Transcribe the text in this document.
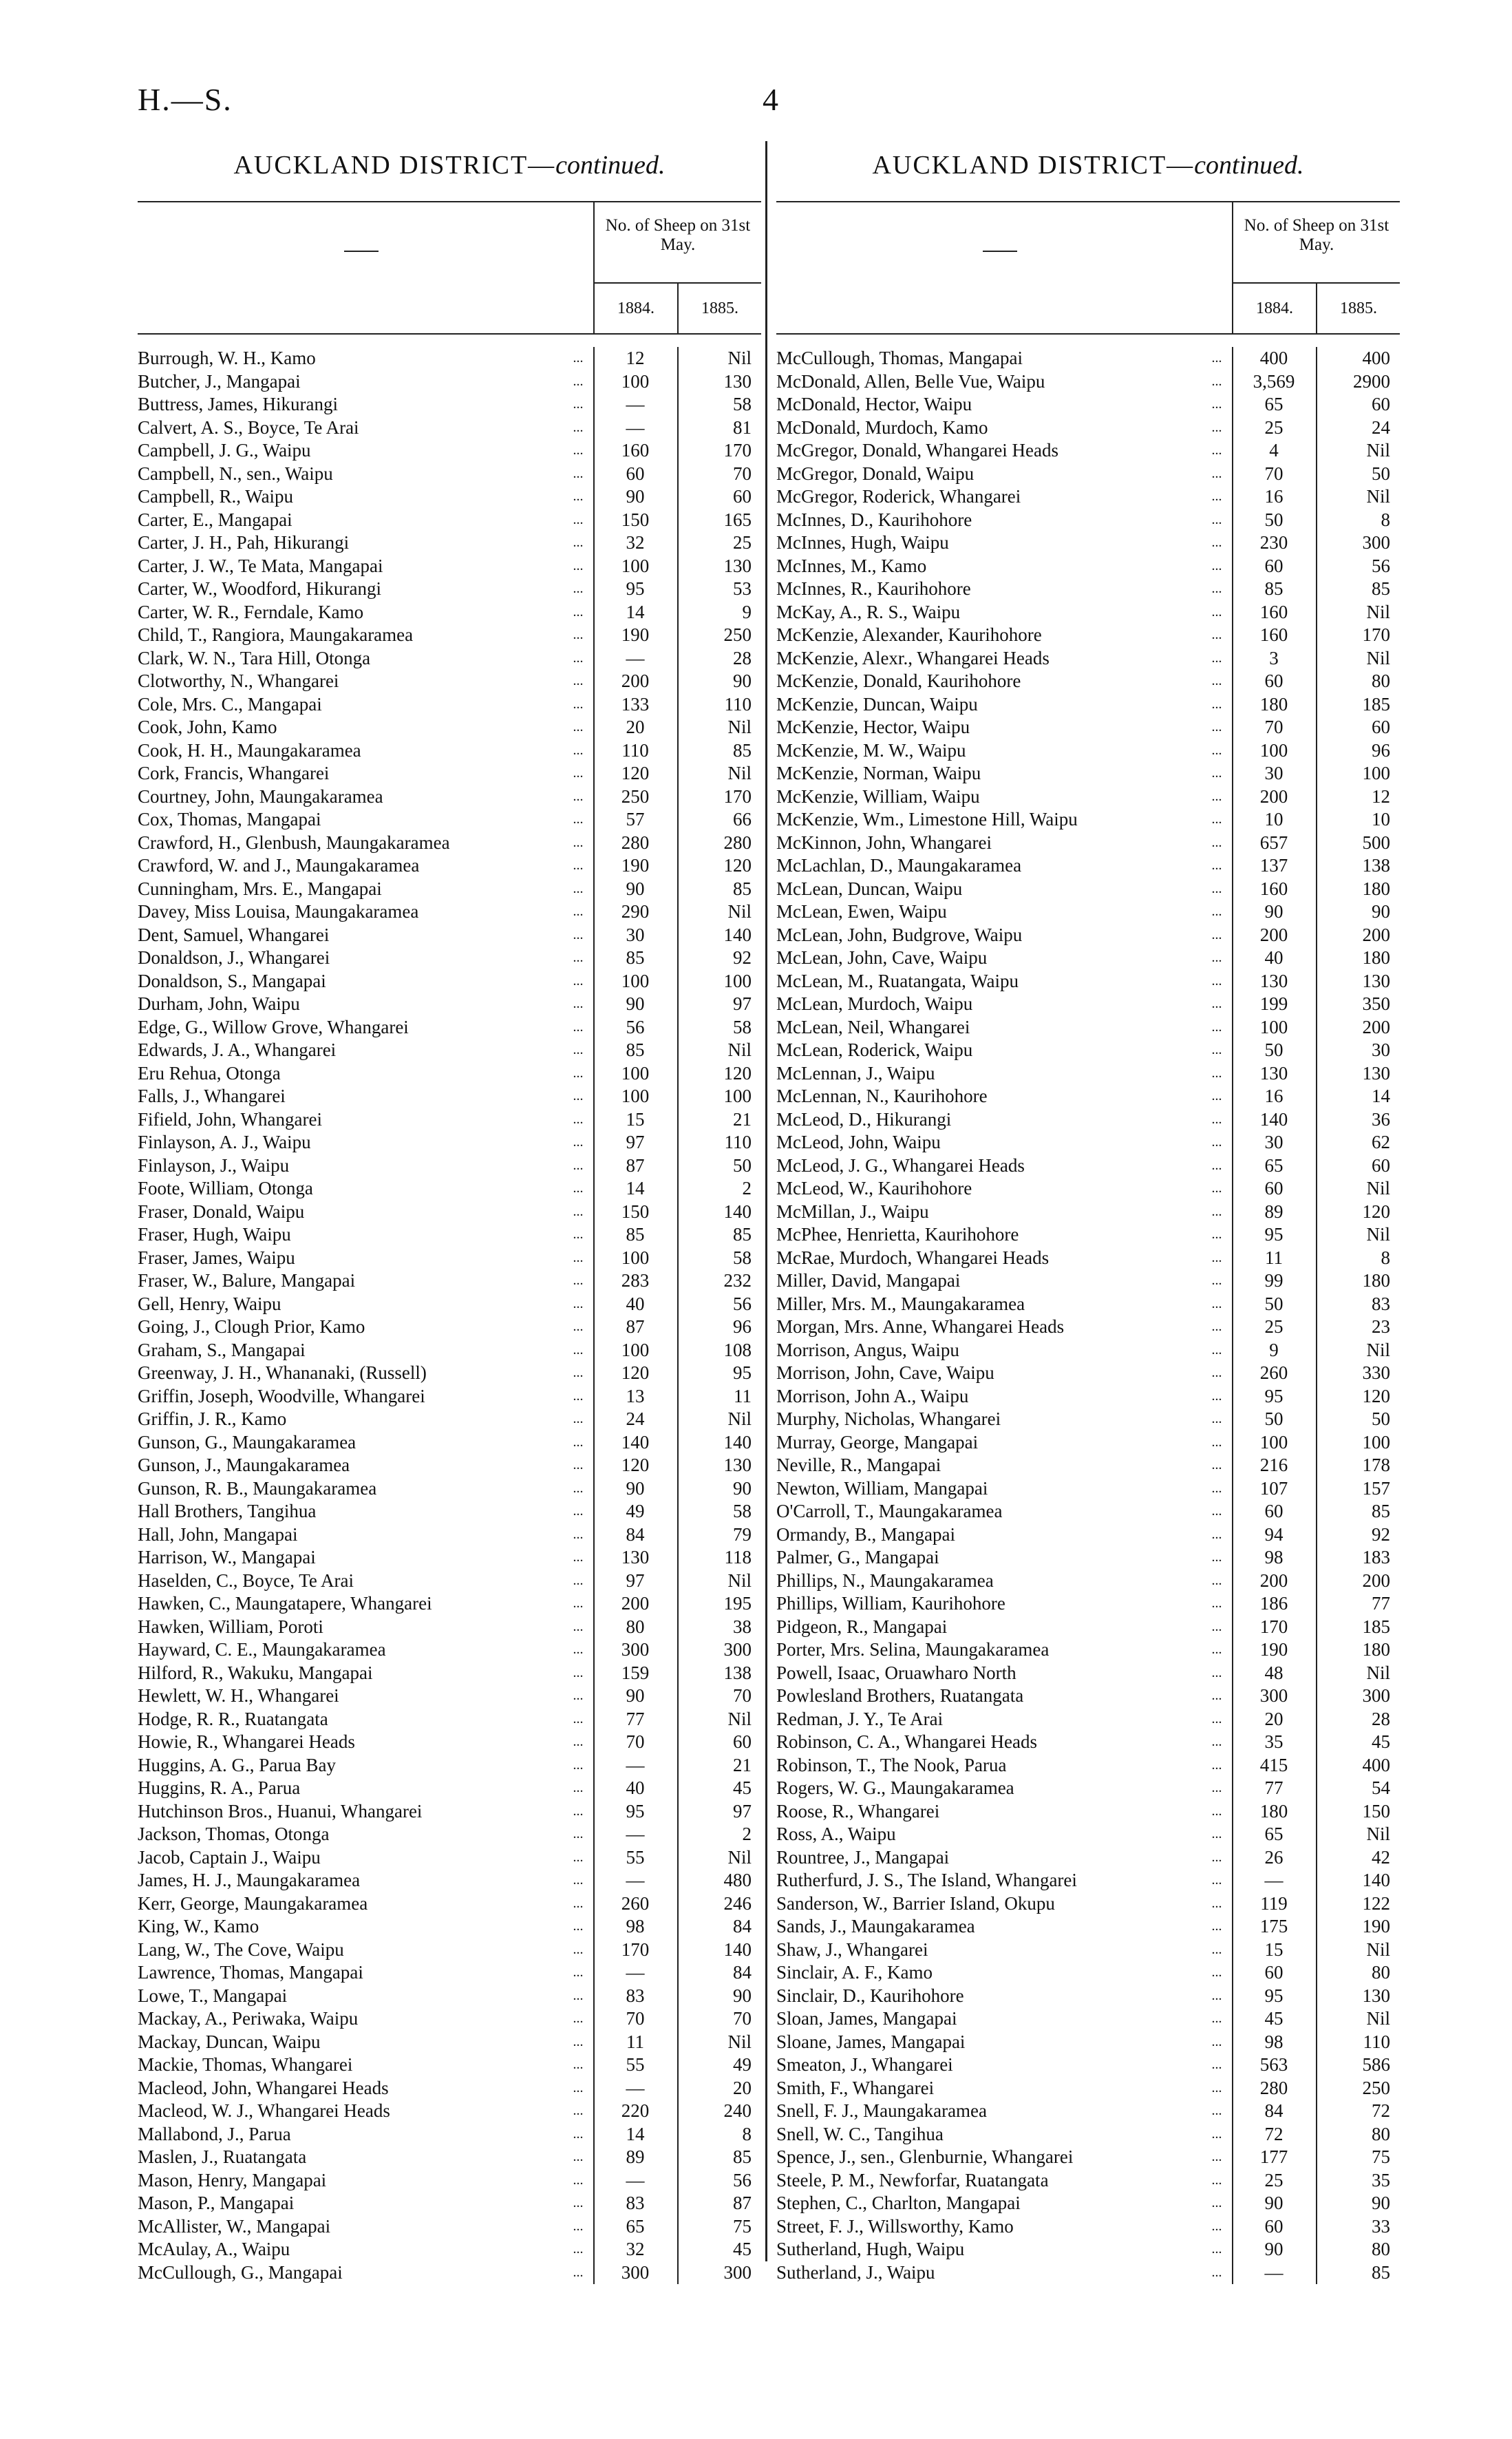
H.—S.	4
AUCKLAND DISTRICT—continued.
No. of Sheep on 31st May.
1884.	1885.
Burrough, W. H., Kamo	...	12	Nil
Butcher, J., Mangapai	...	100	130
Buttress, James, Hikurangi	...	—	58
Calvert, A. S., Boyce, Te Arai	...	—	81
Campbell, J. G., Waipu	...	160	170
Campbell, N., sen., Waipu	...	60	70
Campbell, R., Waipu	...	90	60
Carter, E., Mangapai	...	150	165
Carter, J. H., Pah, Hikurangi	...	32	25
Carter, J. W., Te Mata, Mangapai	...	100	130
Carter, W., Woodford, Hikurangi	...	95	53
Carter, W. R., Ferndale, Kamo	...	14	9
Child, T., Rangiora, Maungakaramea	...	190	250
Clark, W. N., Tara Hill, Otonga	...	—	28
Clotworthy, N., Whangarei	...	200	90
Cole, Mrs. C., Mangapai	...	133	110
Cook, John, Kamo	...	20	Nil
Cook, H. H., Maungakaramea	...	110	85
Cork, Francis, Whangarei	...	120	Nil
Courtney, John, Maungakaramea	...	250	170
Cox, Thomas, Mangapai	...	57	66
Crawford, H., Glenbush, Maungakaramea	...	280	280
Crawford, W. and J., Maungakaramea	...	190	120
Cunningham, Mrs. E., Mangapai	...	90	85
Davey, Miss Louisa, Maungakaramea	...	290	Nil
Dent, Samuel, Whangarei	...	30	140
Donaldson, J., Whangarei	...	85	92
Donaldson, S., Mangapai	...	100	100
Durham, John, Waipu	...	90	97
Edge, G., Willow Grove, Whangarei	...	56	58
Edwards, J. A., Whangarei	...	85	Nil
Eru Rehua, Otonga	...	100	120
Falls, J., Whangarei	...	100	100
Fifield, John, Whangarei	...	15	21
Finlayson, A. J., Waipu	...	97	110
Finlayson, J., Waipu	...	87	50
Foote, William, Otonga	...	14	2
Fraser, Donald, Waipu	...	150	140
Fraser, Hugh, Waipu	...	85	85
Fraser, James, Waipu	...	100	58
Fraser, W., Balure, Mangapai	...	283	232
Gell, Henry, Waipu	...	40	56
Going, J., Clough Prior, Kamo	...	87	96
Graham, S., Mangapai	...	100	108
Greenway, J. H., Whananaki, (Russell)	...	120	95
Griffin, Joseph, Woodville, Whangarei	...	13	11
Griffin, J. R., Kamo	...	24	Nil
Gunson, G., Maungakaramea	...	140	140
Gunson, J., Maungakaramea	...	120	130
Gunson, R. B., Maungakaramea	...	90	90
Hall Brothers, Tangihua	...	49	58
Hall, John, Mangapai	...	84	79
Harrison, W., Mangapai	...	130	118
Haselden, C., Boyce, Te Arai	...	97	Nil
Hawken, C., Maungatapere, Whangarei	...	200	195
Hawken, William, Poroti	...	80	38
Hayward, C. E., Maungakaramea	...	300	300
Hilford, R., Wakuku, Mangapai	...	159	138
Hewlett, W. H., Whangarei	...	90	70
Hodge, R. R., Ruatangata	...	77	Nil
Howie, R., Whangarei Heads	...	70	60
Huggins, A. G., Parua Bay	...	—	21
Huggins, R. A., Parua	...	40	45
Hutchinson Bros., Huanui, Whangarei	...	95	97
Jackson, Thomas, Otonga	...	—	2
Jacob, Captain J., Waipu	...	55	Nil
James, H. J., Maungakaramea	...	—	480
Kerr, George, Maungakaramea	...	260	246
King, W., Kamo	...	98	84
Lang, W., The Cove, Waipu	...	170	140
Lawrence, Thomas, Mangapai	...	—	84
Lowe, T., Mangapai	...	83	90
Mackay, A., Periwaka, Waipu	...	70	70
Mackay, Duncan, Waipu	...	11	Nil
Mackie, Thomas, Whangarei	...	55	49
Macleod, John, Whangarei Heads	...	—	20
Macleod, W. J., Whangarei Heads	...	220	240
Mallabond, J., Parua	...	14	8
Maslen, J., Ruatangata	...	89	85
Mason, Henry, Mangapai	...	—	56
Mason, P., Mangapai	...	83	87
McAllister, W., Mangapai	...	65	75
McAulay, A., Waipu	...	32	45
McCullough, G., Mangapai	...	300	300
AUCKLAND DISTRICT—continued.
No. of Sheep on 31st May.
1884.	1885.
McCullough, Thomas, Mangapai	...	400	400
McDonald, Allen, Belle Vue, Waipu	...	3,569	2900
McDonald, Hector, Waipu	...	65	60
McDonald, Murdoch, Kamo	...	25	24
McGregor, Donald, Whangarei Heads	...	4	Nil
McGregor, Donald, Waipu	...	70	50
McGregor, Roderick, Whangarei	...	16	Nil
McInnes, D., Kaurihohore	...	50	8
McInnes, Hugh, Waipu	...	230	300
McInnes, M., Kamo	...	60	56
McInnes, R., Kaurihohore	...	85	85
McKay, A., R. S., Waipu	...	160	Nil
McKenzie, Alexander, Kaurihohore	...	160	170
McKenzie, Alexr., Whangarei Heads	...	3	Nil
McKenzie, Donald, Kaurihohore	...	60	80
McKenzie, Duncan, Waipu	...	180	185
McKenzie, Hector, Waipu	...	70	60
McKenzie, M. W., Waipu	...	100	96
McKenzie, Norman, Waipu	...	30	100
McKenzie, William, Waipu	...	200	12
McKenzie, Wm., Limestone Hill, Waipu	...	10	10
McKinnon, John, Whangarei	...	657	500
McLachlan, D., Maungakaramea	...	137	138
McLean, Duncan, Waipu	...	160	180
McLean, Ewen, Waipu	...	90	90
McLean, John, Budgrove, Waipu	...	200	200
McLean, John, Cave, Waipu	...	40	180
McLean, M., Ruatangata, Waipu	...	130	130
McLean, Murdoch, Waipu	...	199	350
McLean, Neil, Whangarei	...	100	200
McLean, Roderick, Waipu	...	50	30
McLennan, J., Waipu	...	130	130
McLennan, N., Kaurihohore	...	16	14
McLeod, D., Hikurangi	...	140	36
McLeod, John, Waipu	...	30	62
McLeod, J. G., Whangarei Heads	...	65	60
McLeod, W., Kaurihohore	...	60	Nil
McMillan, J., Waipu	...	89	120
McPhee, Henrietta, Kaurihohore	...	95	Nil
McRae, Murdoch, Whangarei Heads	...	11	8
Miller, David, Mangapai	...	99	180
Miller, Mrs. M., Maungakaramea	...	50	83
Morgan, Mrs. Anne, Whangarei Heads	...	25	23
Morrison, Angus, Waipu	...	9	Nil
Morrison, John, Cave, Waipu	...	260	330
Morrison, John A., Waipu	...	95	120
Murphy, Nicholas, Whangarei	...	50	50
Murray, George, Mangapai	...	100	100
Neville, R., Mangapai	...	216	178
Newton, William, Mangapai	...	107	157
O'Carroll, T., Maungakaramea	...	60	85
Ormandy, B., Mangapai	...	94	92
Palmer, G., Mangapai	...	98	183
Phillips, N., Maungakaramea	...	200	200
Phillips, William, Kaurihohore	...	186	77
Pidgeon, R., Mangapai	...	170	185
Porter, Mrs. Selina, Maungakaramea	...	190	180
Powell, Isaac, Oruawharo North	...	48	Nil
Powlesland Brothers, Ruatangata	...	300	300
Redman, J. Y., Te Arai	...	20	28
Robinson, C. A., Whangarei Heads	...	35	45
Robinson, T., The Nook, Parua	...	415	400
Rogers, W. G., Maungakaramea	...	77	54
Roose, R., Whangarei	...	180	150
Ross, A., Waipu	...	65	Nil
Rountree, J., Mangapai	...	26	42
Rutherfurd, J. S., The Island, Whangarei	...	—	140
Sanderson, W., Barrier Island, Okupu	...	119	122
Sands, J., Maungakaramea	...	175	190
Shaw, J., Whangarei	...	15	Nil
Sinclair, A. F., Kamo	...	60	80
Sinclair, D., Kaurihohore	...	95	130
Sloan, James, Mangapai	...	45	Nil
Sloane, James, Mangapai	...	98	110
Smeaton, J., Whangarei	...	563	586
Smith, F., Whangarei	...	280	250
Snell, F. J., Maungakaramea	...	84	72
Snell, W. C., Tangihua	...	72	80
Spence, J., sen., Glenburnie, Whangarei	...	177	75
Steele, P. M., Newforfar, Ruatangata	...	25	35
Stephen, C., Charlton, Mangapai	...	90	90
Street, F. J., Willsworthy, Kamo	...	60	33
Sutherland, Hugh, Waipu	...	90	80
Sutherland, J., Waipu	...	—	85
